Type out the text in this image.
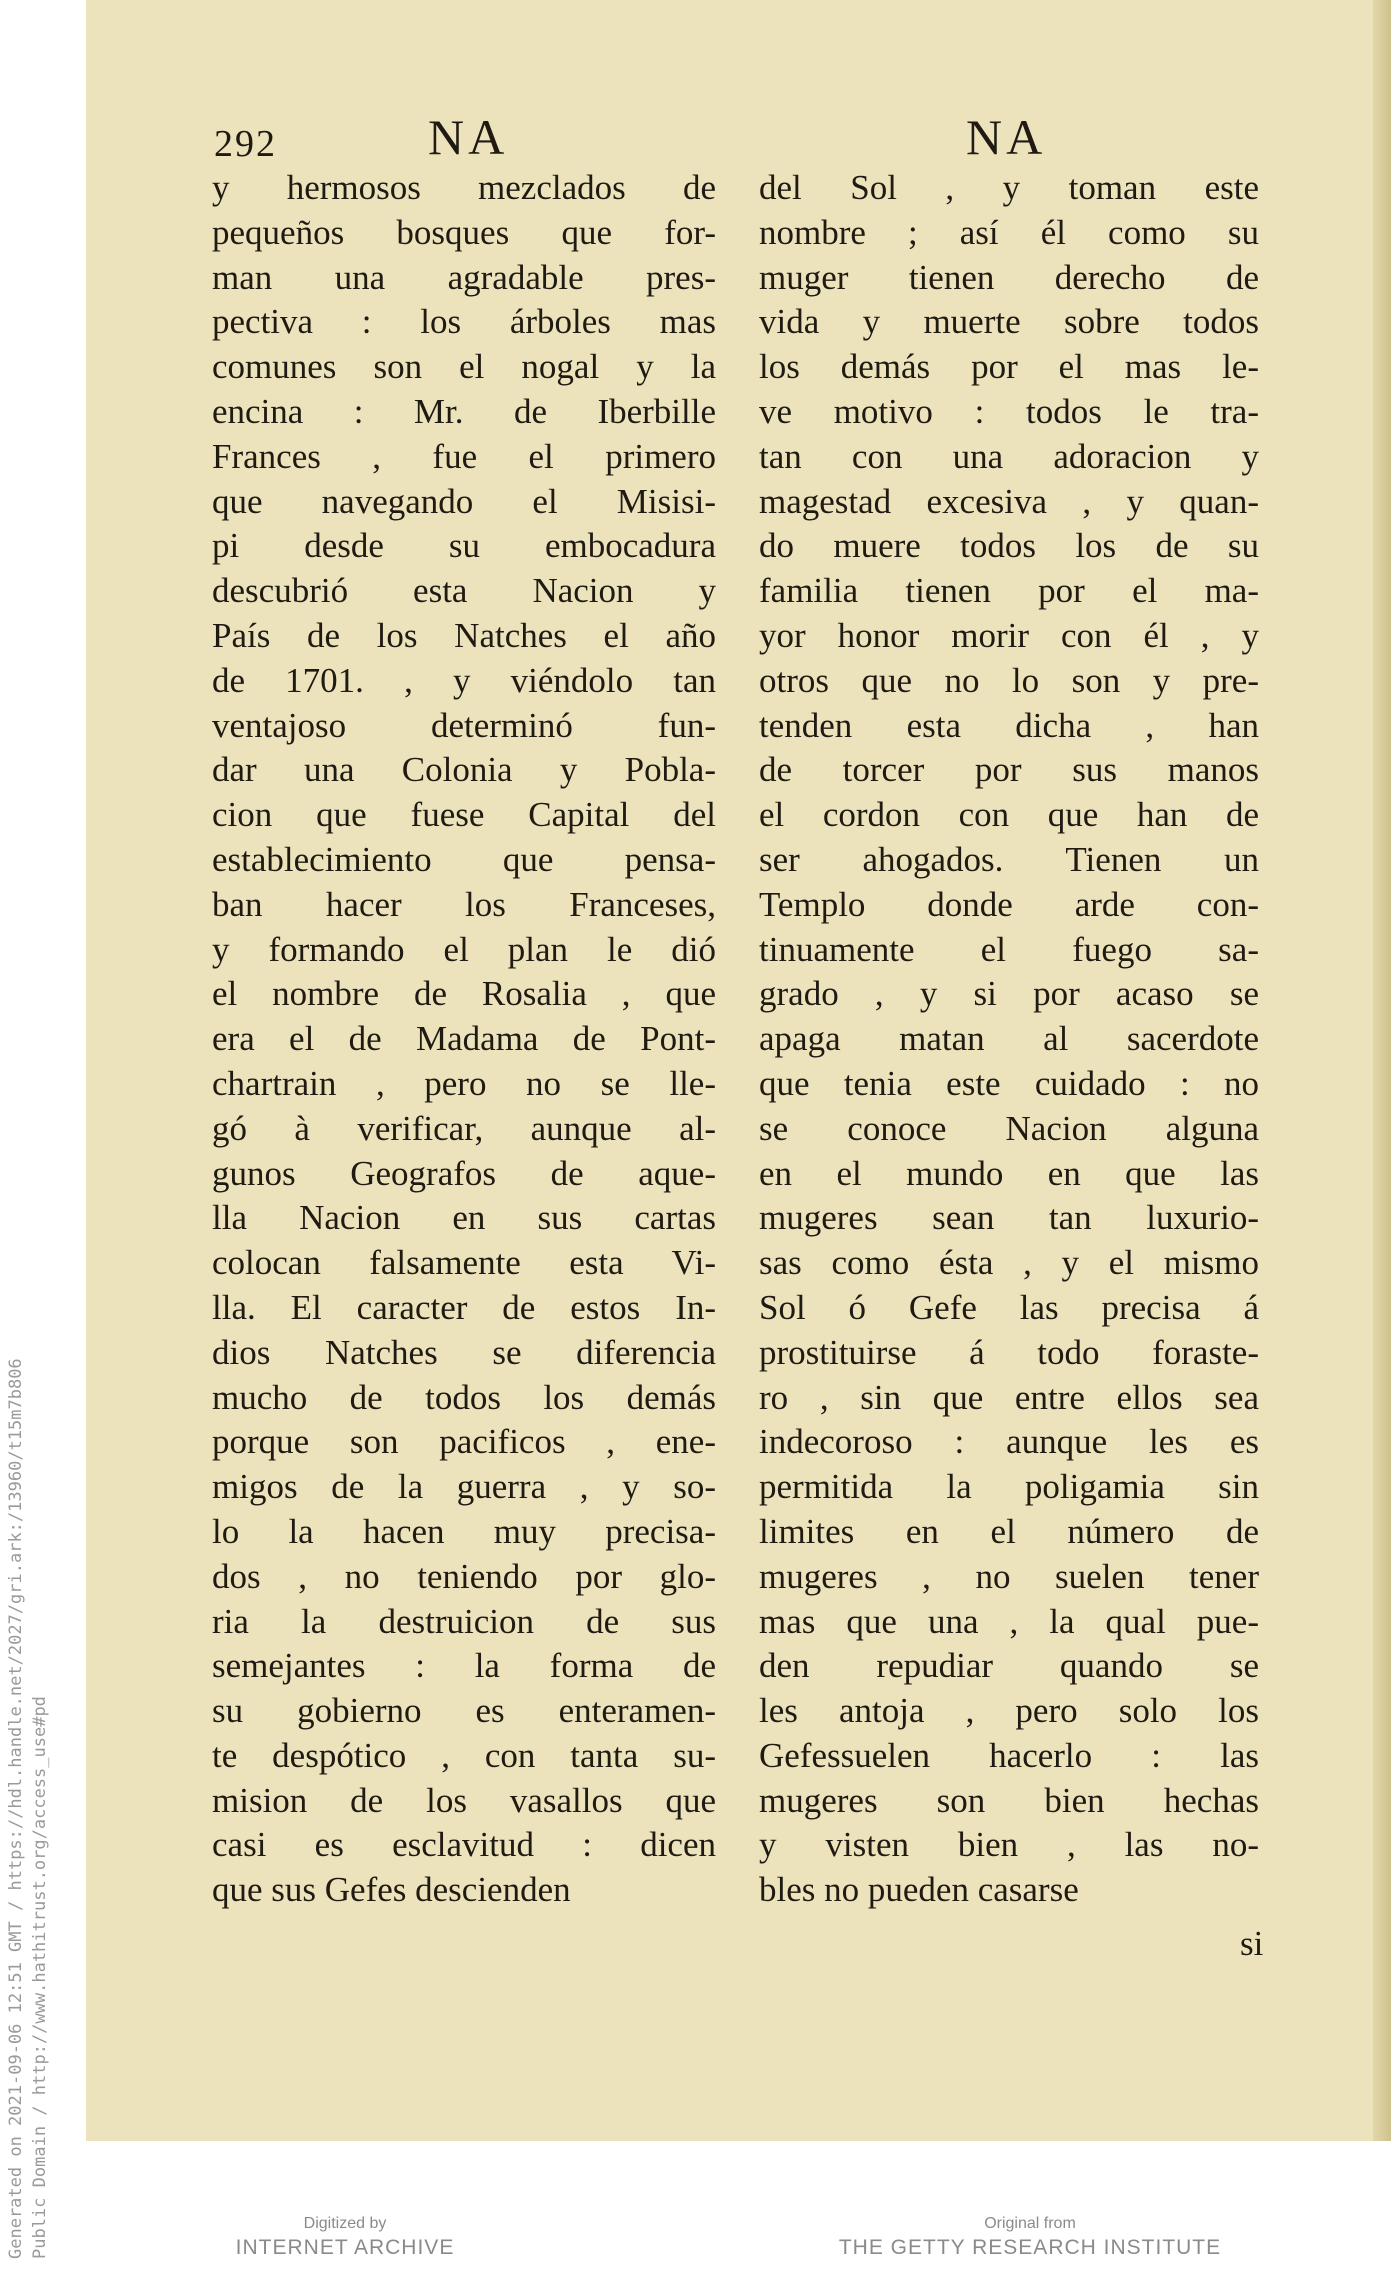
Generated on 2021-09-06 12:51 GMT / https://hdl.handle.net/2027/gri.ark:/13960/t15m7b806 Public Domain / http://www.hathitrust.org/access_use#pd
292	NA	NA
y hermosos mezclados de
pequeños bosques que for-
man una agradable pres-
pectiva : los árboles mas
comunes son el nogal y la
encina : Mr. de Iberbille
Frances , fue el primero
que navegando el Misisi-
pi desde su embocadura
descubrió esta Nacion y
País de los Natches el año
de 1701. , y viéndolo tan
ventajoso determinó fun-
dar una Colonia y Pobla-
cion que fuese Capital del
establecimiento que pensa-
ban hacer los Franceses,
y formando el plan le dió
el nombre de Rosalia , que
era el de Madama de Pont-
chartrain , pero no se lle-
gó à verificar, aunque al-
gunos Geografos de aque-
lla Nacion en sus cartas
colocan falsamente esta Vi-
lla. El caracter de estos In-
dios Natches se diferencia
mucho de todos los demás
porque son pacificos , ene-
migos de la guerra , y so-
lo la hacen muy precisa-
dos , no teniendo por glo-
ria la destruicion de sus
semejantes : la forma de
su gobierno es enteramen-
te despótico , con tanta su-
mision de los vasallos que
casi es esclavitud : dicen
que sus Gefes descienden
del Sol , y toman este
nombre ; así él como su
muger tienen derecho de
vida y muerte sobre todos
los demás por el mas le-
ve motivo : todos le tra-
tan con una adoracion y
magestad excesiva , y quan-
do muere todos los de su
familia tienen por el ma-
yor honor morir con él , y
otros que no lo son y pre-
tenden esta dicha , han
de torcer por sus manos
el cordon con que han de
ser ahogados. Tienen un
Templo donde arde con-
tinuamente el fuego sa-
grado , y si por acaso se
apaga matan al sacerdote
que tenia este cuidado : no
se conoce Nacion alguna
en el mundo en que las
mugeres sean tan luxurio-
sas como ésta , y el mismo
Sol ó Gefe las precisa á
prostituirse á todo foraste-
ro , sin que entre ellos sea
indecoroso : aunque les es
permitida la poligamia sin
limites en el número de
mugeres , no suelen tener
mas que una , la qual pue-
den repudiar quando se
les antoja , pero solo los
Gefessuelen hacerlo : las
mugeres son bien hechas
y visten bien , las no-
bles no pueden casarse
si
Digitized by
INTERNET ARCHIVE
Original from
THE GETTY RESEARCH INSTITUTE
